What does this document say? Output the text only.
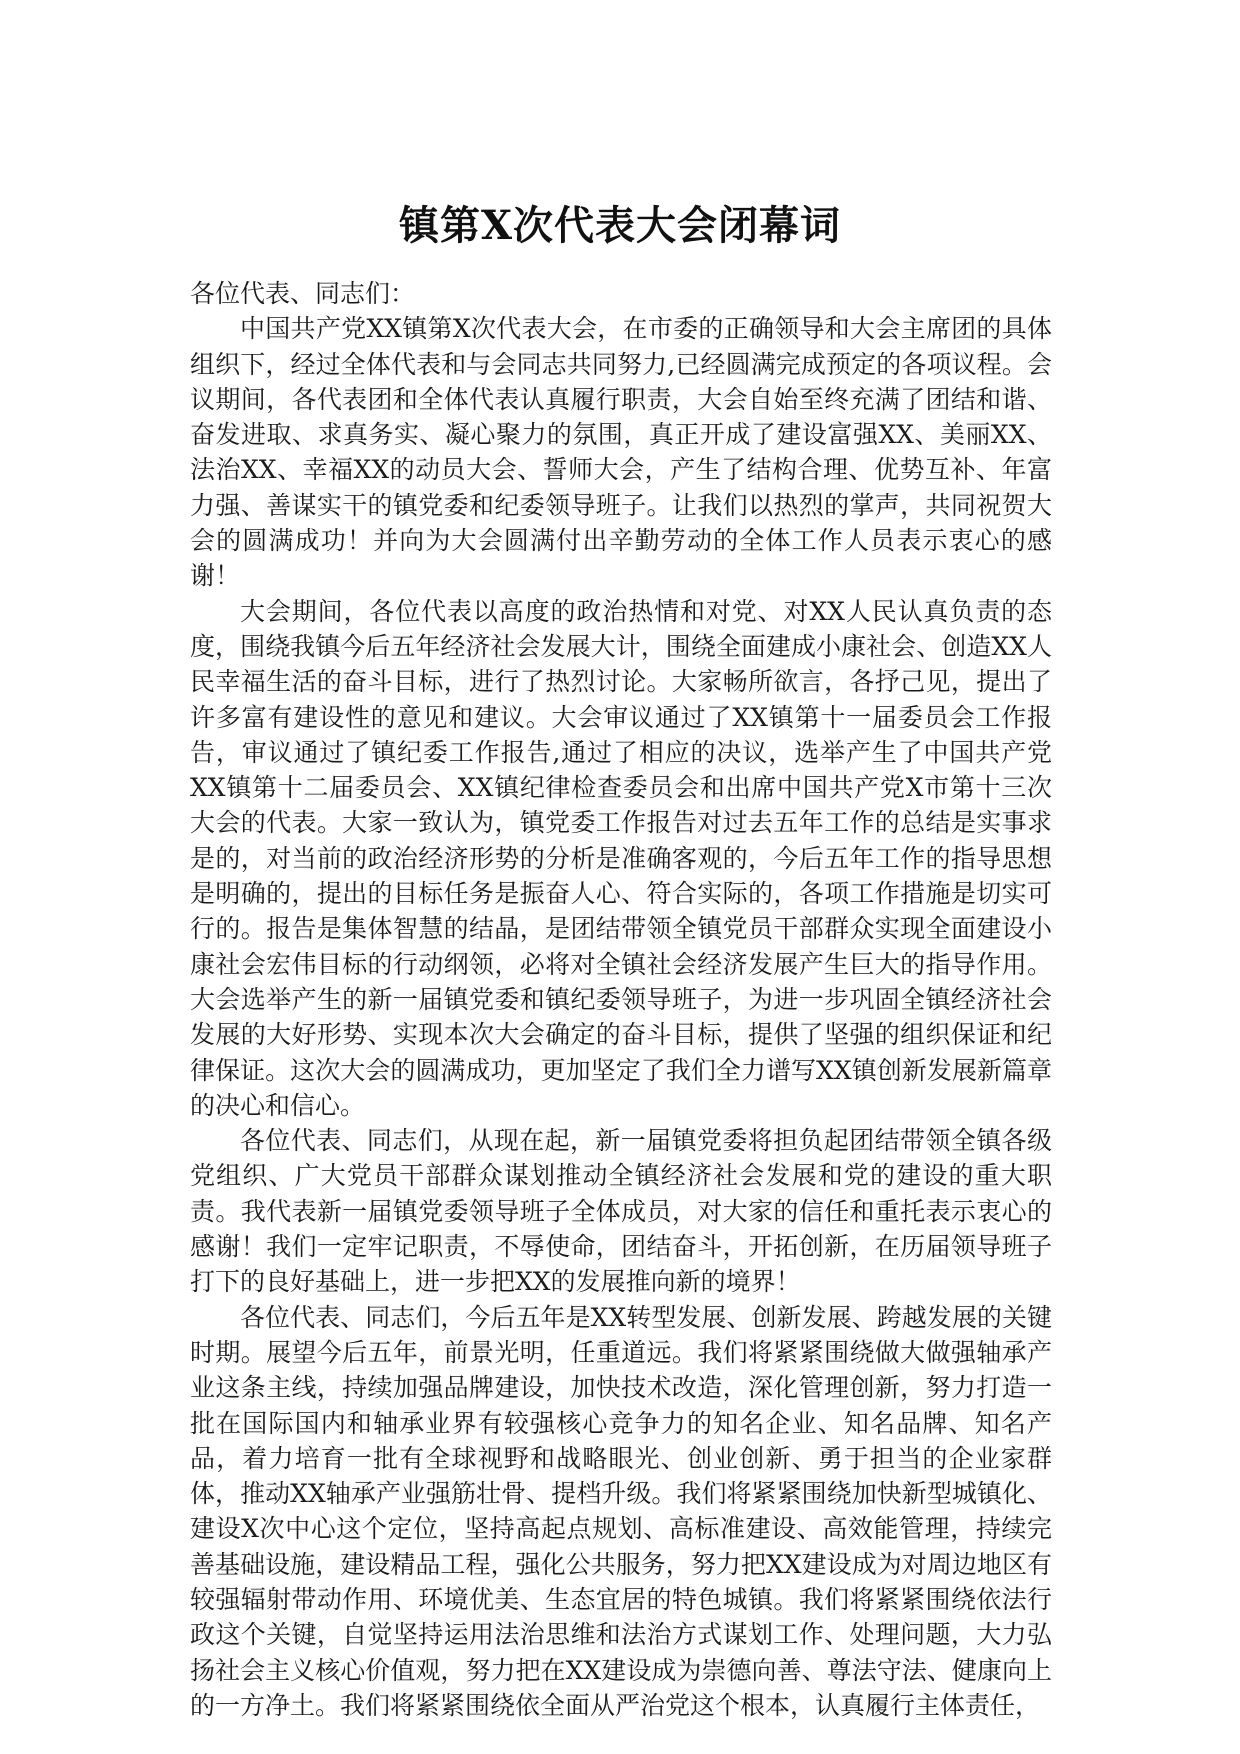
镇第X次代表大会闭幕词

各位代表、同志们：

中国共产党XX镇第X次代表大会，在市委的正确领导和大会主席团的具体组织下，经过全体代表和与会同志共同努力,已经圆满完成预定的各项议程。会议期间，各代表团和全体代表认真履行职责，大会自始至终充满了团结和谐、奋发进取、求真务实、凝心聚力的氛围，真正开成了建设富强XX、美丽XX、法治XX、幸福XX的动员大会、誓师大会，产生了结构合理、优势互补、年富力强、善谋实干的镇党委和纪委领导班子。让我们以热烈的掌声，共同祝贺大会的圆满成功！并向为大会圆满付出辛勤劳动的全体工作人员表示衷心的感谢！

大会期间，各位代表以高度的政治热情和对党、对XX人民认真负责的态度，围绕我镇今后五年经济社会发展大计，围绕全面建成小康社会、创造XX人民幸福生活的奋斗目标，进行了热烈讨论。大家畅所欲言，各抒己见，提出了许多富有建设性的意见和建议。大会审议通过了XX镇第十一届委员会工作报告，审议通过了镇纪委工作报告,通过了相应的决议，选举产生了中国共产党XX镇第十二届委员会、XX镇纪律检查委员会和出席中国共产党X市第十三次大会的代表。大家一致认为，镇党委工作报告对过去五年工作的总结是实事求是的，对当前的政治经济形势的分析是准确客观的，今后五年工作的指导思想是明确的，提出的目标任务是振奋人心、符合实际的，各项工作措施是切实可行的。报告是集体智慧的结晶，是团结带领全镇党员干部群众实现全面建设小康社会宏伟目标的行动纲领，必将对全镇社会经济发展产生巨大的指导作用。大会选举产生的新一届镇党委和镇纪委领导班子，为进一步巩固全镇经济社会发展的大好形势、实现本次大会确定的奋斗目标，提供了坚强的组织保证和纪律保证。这次大会的圆满成功，更加坚定了我们全力谱写XX镇创新发展新篇章的决心和信心。

各位代表、同志们，从现在起，新一届镇党委将担负起团结带领全镇各级党组织、广大党员干部群众谋划推动全镇经济社会发展和党的建设的重大职责。我代表新一届镇党委领导班子全体成员，对大家的信任和重托表示衷心的感谢！我们一定牢记职责，不辱使命，团结奋斗，开拓创新，在历届领导班子打下的良好基础上，进一步把XX的发展推向新的境界！

各位代表、同志们，今后五年是XX转型发展、创新发展、跨越发展的关键时期。展望今后五年，前景光明，任重道远。我们将紧紧围绕做大做强轴承产业这条主线，持续加强品牌建设，加快技术改造，深化管理创新，努力打造一批在国际国内和轴承业界有较强核心竞争力的知名企业、知名品牌、知名产品，着力培育一批有全球视野和战略眼光、创业创新、勇于担当的企业家群体，推动XX轴承产业强筋壮骨、提档升级。我们将紧紧围绕加快新型城镇化、建设X次中心这个定位，坚持高起点规划、高标准建设、高效能管理，持续完善基础设施，建设精品工程，强化公共服务，努力把XX建设成为对周边地区有较强辐射带动作用、环境优美、生态宜居的特色城镇。我们将紧紧围绕依法行政这个关键，自觉坚持运用法治思维和法治方式谋划工作、处理问题，大力弘扬社会主义核心价值观，努力把在XX建设成为崇德向善、尊法守法、健康向上的一方净土。我们将紧紧围绕依全面从严治党这个根本，认真履行主体责任，
